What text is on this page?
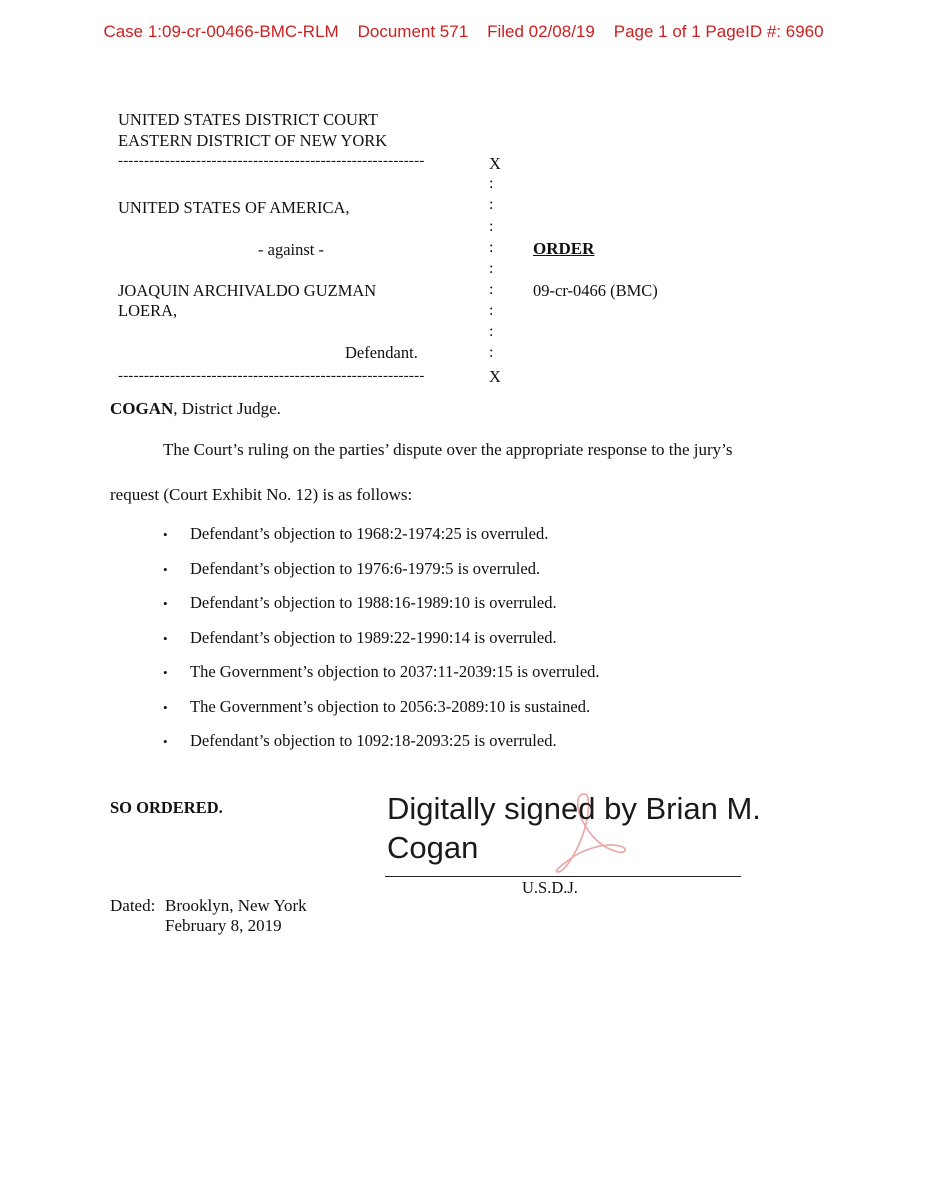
Case 1:09-cr-00466-BMC-RLM Document 571 Filed 02/08/19 Page 1 of 1 PageID #: 6960
UNITED STATES DISTRICT COURT
EASTERN DISTRICT OF NEW YORK
-----------------------------------------------------------	X
UNITED STATES OF AMERICA,
- against -
JOAQUIN ARCHIVALDO GUZMAN
LOERA,
Defendant.
:
:
:
:
:
:
:
:
:
-----------------------------------------------------------	X
ORDER
09-cr-0466 (BMC)
COGAN, District Judge.
The Court’s ruling on the parties’ dispute over the appropriate response to the jury’s
request (Court Exhibit No. 12) is as follows:
• Defendant’s objection to 1968:2-1974:25 is overruled.
• Defendant’s objection to 1976:6-1979:5 is overruled.
• Defendant’s objection to 1988:16-1989:10 is overruled.
• Defendant’s objection to 1989:22-1990:14 is overruled.
• The Government’s objection to 2037:11-2039:15 is overruled.
• The Government’s objection to 2056:3-2089:10 is sustained.
• Defendant’s objection to 1092:18-2093:25 is overruled.
SO ORDERED.	Digitally signed by Brian M.
Cogan
U.S.D.J.
Dated: Brooklyn, New York
February 8, 2019
